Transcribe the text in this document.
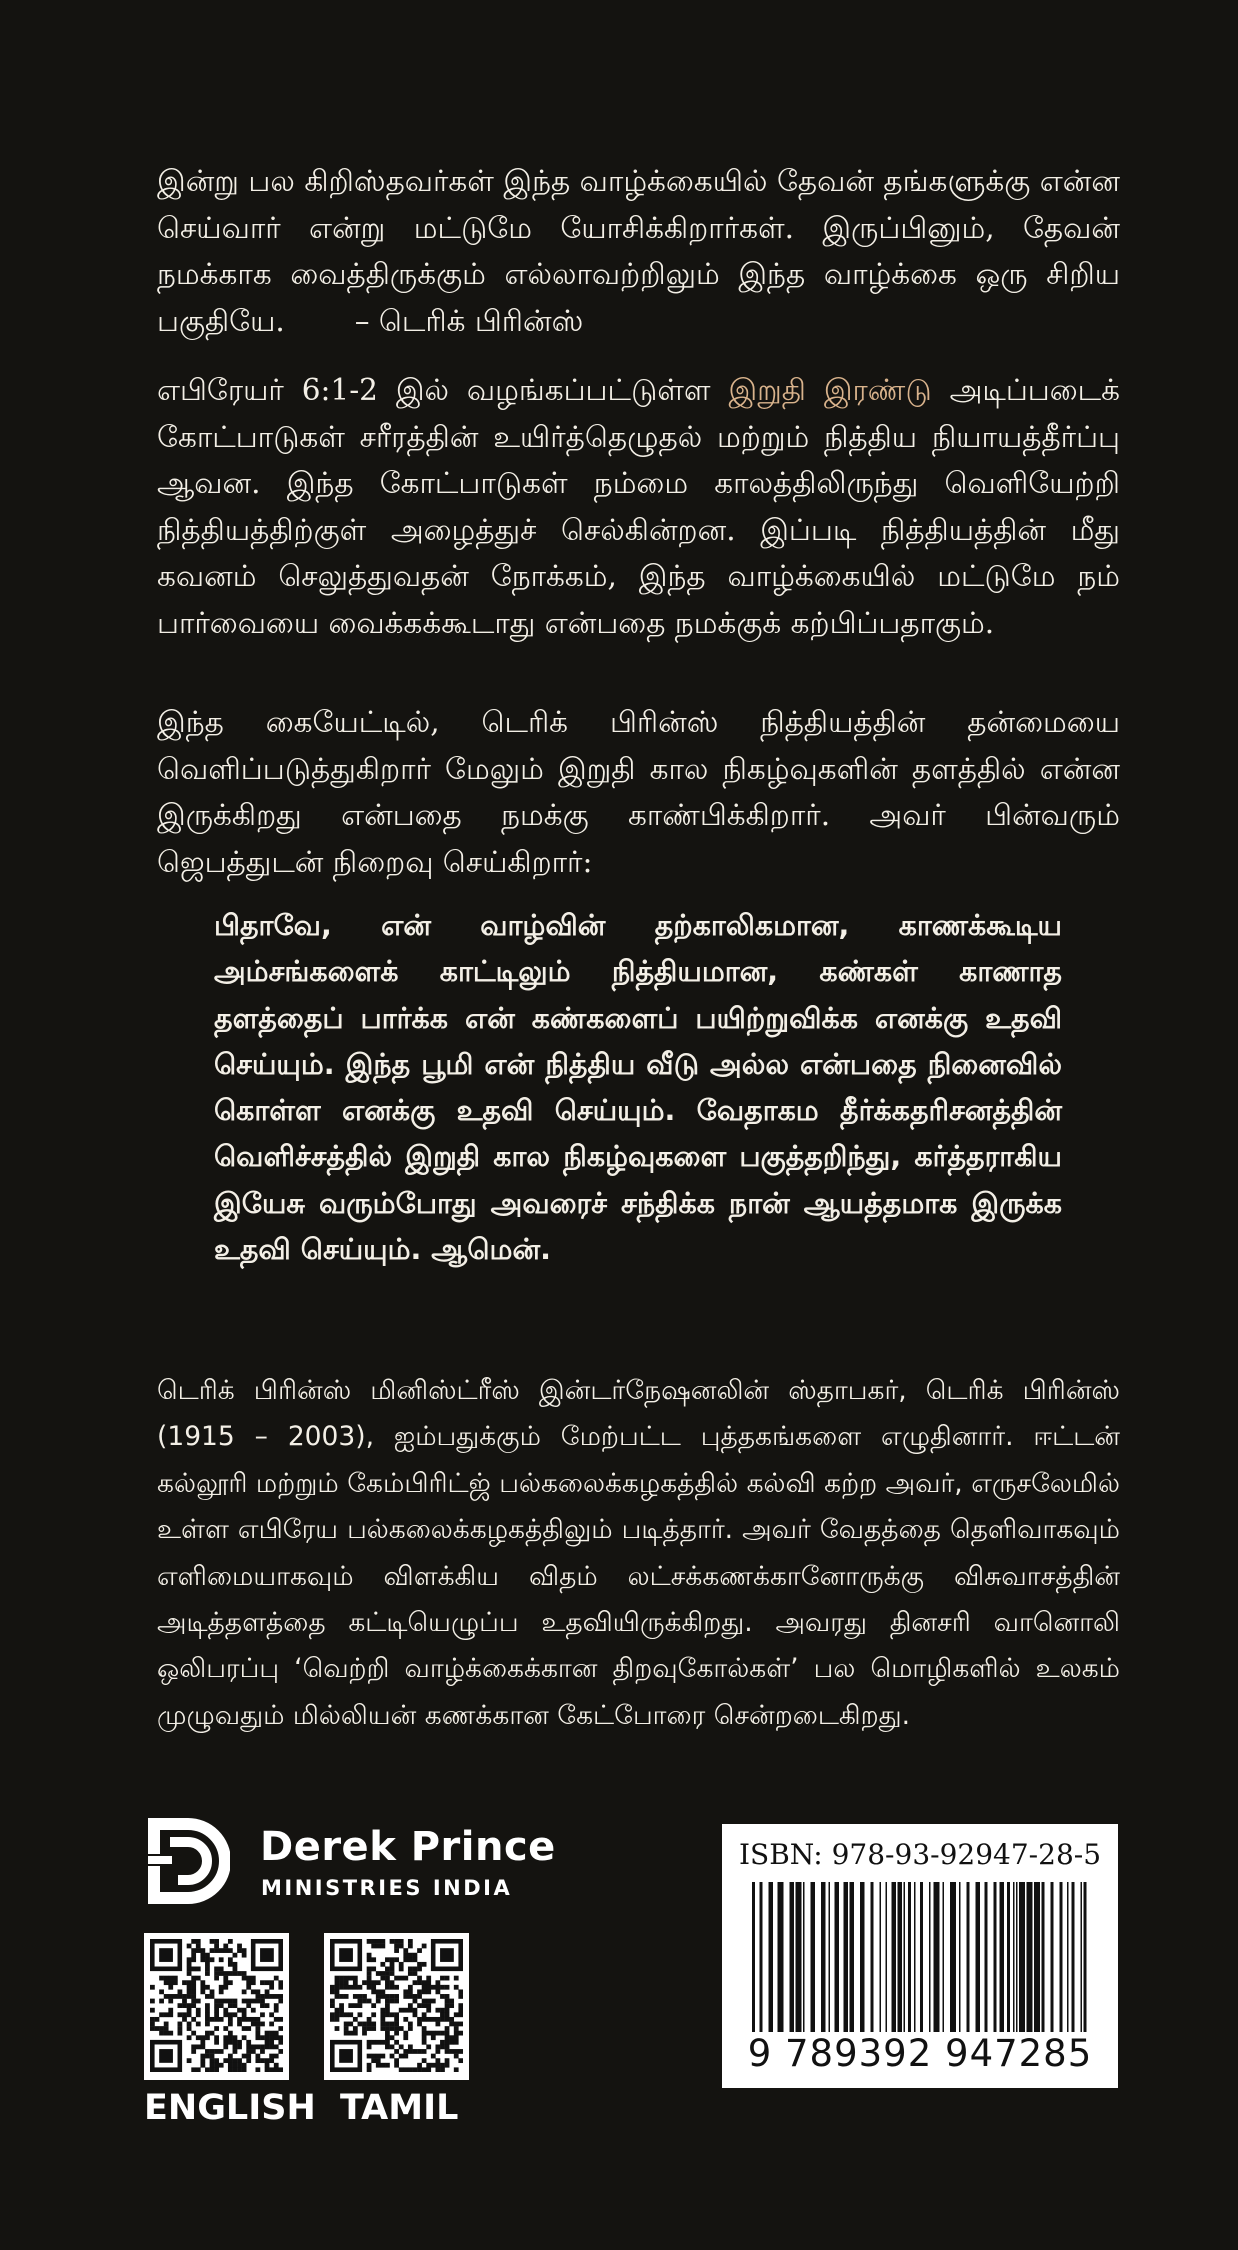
இன்று பல கிறிஸ்தவர்கள் இந்த வாழ்க்கையில் தேவன் தங்களுக்கு என்ன செய்வார் என்று மட்டுமே யோசிக்கிறார்கள். இருப்பினும், தேவன் நமக்காக வைத்திருக்கும் எல்லாவற்றிலும் இந்த வாழ்க்கை ஒரு சிறிய பகுதியே. – டெரிக் பிரின்ஸ்

எபிரேயர் 6:1-2 இல் வழங்கப்பட்டுள்ள இறுதி இரண்டு அடிப்படைக் கோட்பாடுகள் சரீரத்தின் உயிர்த்தெழுதல் மற்றும் நித்திய நியாயத்தீர்ப்பு ஆவன. இந்த கோட்பாடுகள் நம்மை காலத்திலிருந்து வெளியேற்றி நித்தியத்திற்குள் அழைத்துச் செல்கின்றன. இப்படி நித்தியத்தின் மீது கவனம் செலுத்துவதன் நோக்கம், இந்த வாழ்க்கையில் மட்டுமே நம் பார்வையை வைக்கக்கூடாது என்பதை நமக்குக் கற்பிப்பதாகும்.

இந்த கையேட்டில், டெரிக் பிரின்ஸ் நித்தியத்தின் தன்மையை வெளிப்படுத்துகிறார் மேலும் இறுதி கால நிகழ்வுகளின் தளத்தில் என்ன இருக்கிறது என்பதை நமக்கு காண்பிக்கிறார். அவர் பின்வரும் ஜெபத்துடன் நிறைவு செய்கிறார்:

பிதாவே, என் வாழ்வின் தற்காலிகமான, காணக்கூடிய அம்சங்களைக் காட்டிலும் நித்தியமான, கண்கள் காணாத தளத்தைப் பார்க்க என் கண்களைப் பயிற்றுவிக்க எனக்கு உதவி செய்யும். இந்த பூமி என் நித்திய வீடு அல்ல என்பதை நினைவில் கொள்ள எனக்கு உதவி செய்யும். வேதாகம தீர்க்கதரிசனத்தின் வெளிச்சத்தில் இறுதி கால நிகழ்வுகளை பகுத்தறிந்து, கர்த்தராகிய இயேசு வரும்போது அவரைச் சந்திக்க நான் ஆயத்தமாக இருக்க உதவி செய்யும். ஆமென்.

டெரிக் பிரின்ஸ் மினிஸ்ட்ரீஸ் இன்டர்நேஷனலின் ஸ்தாபகர், டெரிக் பிரின்ஸ் (1915 – 2003), ஐம்பதுக்கும் மேற்பட்ட புத்தகங்களை எழுதினார். ஈட்டன் கல்லூரி மற்றும் கேம்பிரிட்ஜ் பல்கலைக்கழகத்தில் கல்வி கற்ற அவர், எருசலேமில் உள்ள எபிரேய பல்கலைக்கழகத்திலும் படித்தார். அவர் வேதத்தை தெளிவாகவும் எளிமையாகவும் விளக்கிய விதம் லட்சக்கணக்கானோருக்கு விசுவாசத்தின் அடித்தளத்தை கட்டியெழுப்ப உதவியிருக்கிறது. அவரது தினசரி வானொலி ஒலிபரப்பு ‘வெற்றி வாழ்க்கைக்கான திறவுகோல்கள்’ பல மொழிகளில் உலகம் முழுவதும் மில்லியன் கணக்கான கேட்போரை சென்றடைகிறது.

Derek Prince
MINISTRIES INDIA
ENGLISH TAMIL
ISBN: 978-93-92947-28-5
9 789392 947285
